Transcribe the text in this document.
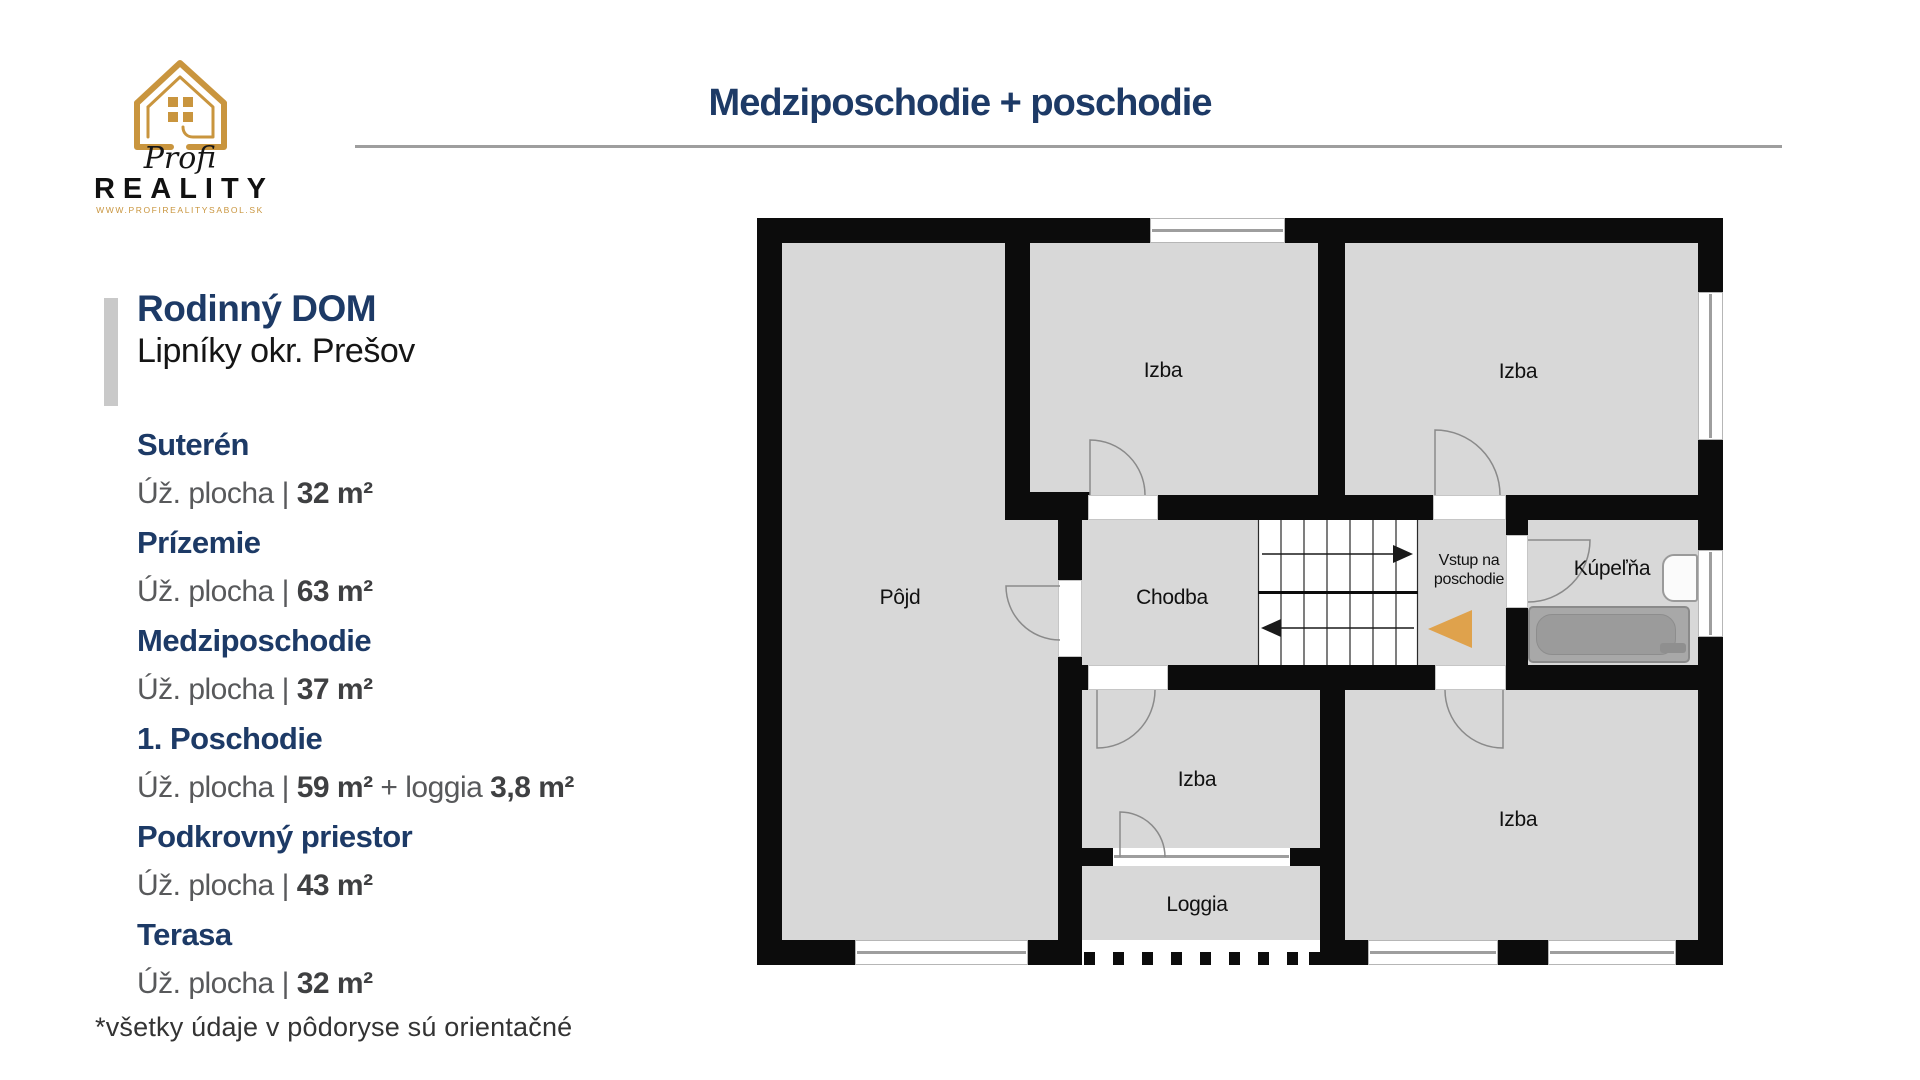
Profi
REALITY
WWW.PROFIREALITYSABOL.SK
Medziposchodie + poschodie
Rodinný DOM
Lipníky okr. Prešov
Suterén
Úž. plocha | 32 m²
Prízemie
Úž. plocha | 63 m²
Medziposchodie
Úž. plocha | 37 m²
1. Poschodie
Úž. plocha | 59 m² + loggia 3,8 m²
Podkrovný priestor
Úž. plocha | 43 m²
Terasa
Úž. plocha | 32 m²
*všetky údaje v pôdoryse sú orientačné
Pôjd
Izba	Izba
Chodba
Vstup na
poschodie	Kúpeľňa
Izba
Loggia
Izba
